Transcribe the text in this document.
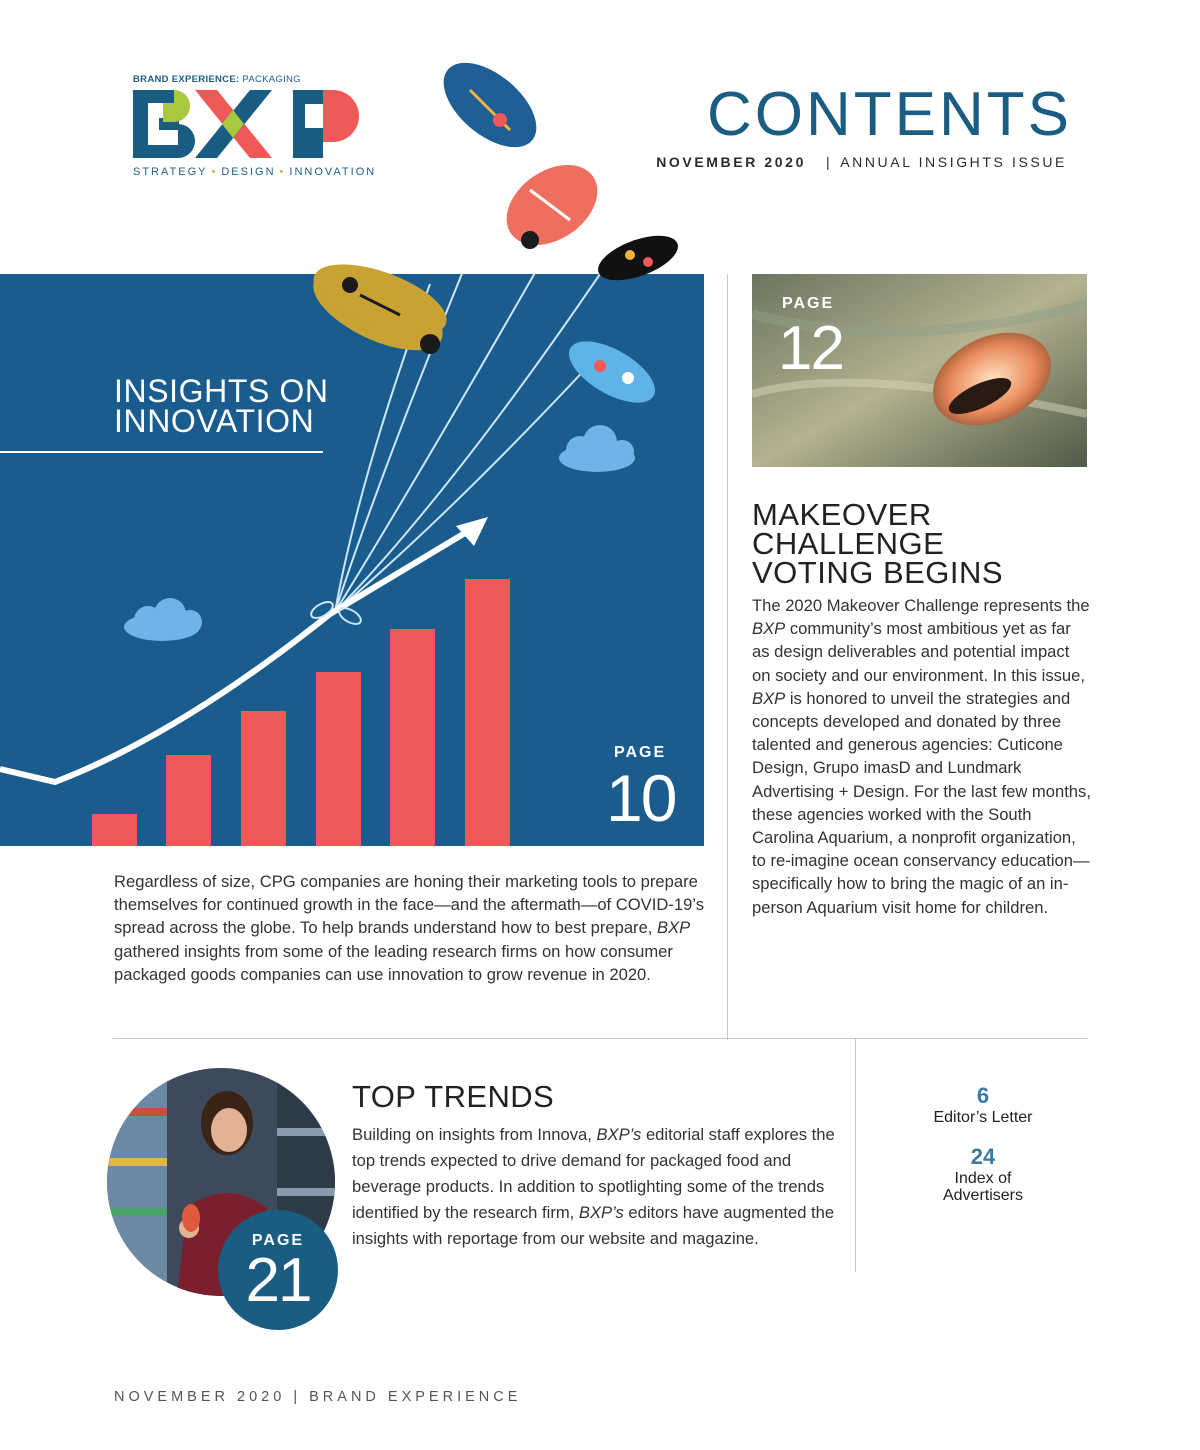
BRAND EXPERIENCE: PACKAGING
STRATEGY • DESIGN • INNOVATION
CONTENTS
NOVEMBER 2020 | ANNUAL INSIGHTS ISSUE
INSIGHTS ON
INNOVATION
PAGE
10
Regardless of size, CPG companies are honing their marketing tools to prepare themselves for continued growth in the face—and the aftermath—of COVID-19’s spread across the globe. To help brands understand how to best prepare, BXP gathered insights from some of the leading research firms on how consumer packaged goods companies can use innovation to grow revenue in 2020.
PAGE
12
MAKEOVER
CHALLENGE
VOTING BEGINS
The 2020 Makeover Challenge represents the BXP community’s most ambitious yet as far as design deliverables and potential impact on society and our environment. In this issue, BXP is honored to unveil the strategies and concepts developed and donated by three talented and generous agencies: Cuticone Design, Grupo imasD and Lundmark Advertising + Design. For the last few months, these agencies worked with the South Carolina Aquarium, a nonprofit organization, to re-imagine ocean conservancy education—specifically how to bring the magic of an in-person Aquarium visit home for children.
PAGE
21
TOP TRENDS
Building on insights from Innova, BXP’s editorial staff explores the top trends expected to drive demand for packaged food and beverage products. In addition to spotlighting some of the trends identified by the research firm, BXP’s editors have augmented the insights with reportage from our website and magazine.
6
Editor’s Letter
24
Index of
Advertisers
NOVEMBER 2020 | BRAND EXPERIENCE
